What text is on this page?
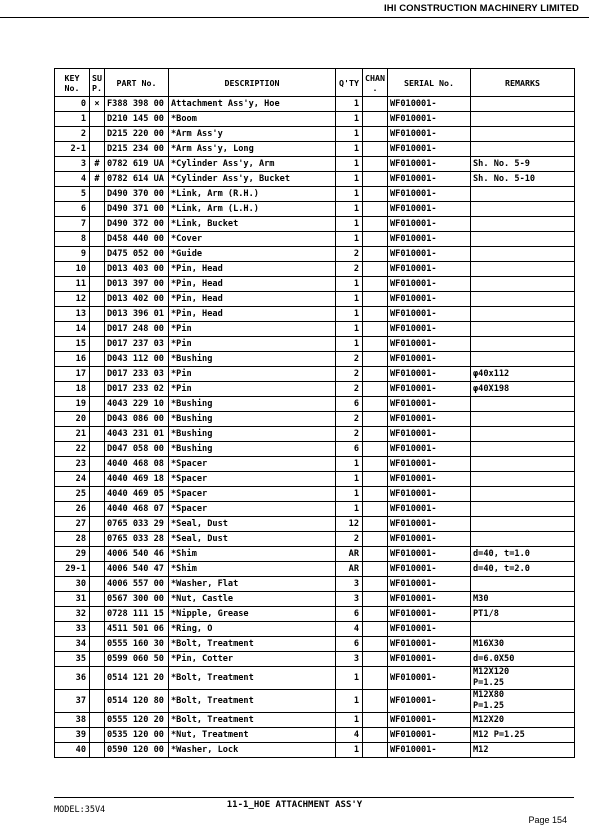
IHI CONSTRUCTION MACHINERY LIMITED
KEY No.	SU P.	PART No.	DESCRIPTION	Q'TY	CHAN .	SERIAL No.	REMARKS
0	×	F388 398 00	Attachment Ass'y, Hoe	1		WF010001-	
1		D210 145 00	*Boom	1		WF010001-	
2		D215 220 00	*Arm Ass'y	1		WF010001-	
2-1		D215 234 00	*Arm Ass'y, Long	1		WF010001-	
3	#	0782 619 UA	*Cylinder Ass'y, Arm	1		WF010001-	Sh. No. 5-9
4	#	0782 614 UA	*Cylinder Ass'y, Bucket	1		WF010001-	Sh. No. 5-10
5		D490 370 00	*Link, Arm (R.H.)	1		WF010001-	
6		D490 371 00	*Link, Arm (L.H.)	1		WF010001-	
7		D490 372 00	*Link, Bucket	1		WF010001-	
8		D458 440 00	*Cover	1		WF010001-	
9		D475 052 00	*Guide	2		WF010001-	
10		D013 403 00	*Pin, Head	2		WF010001-	
11		D013 397 00	*Pin, Head	1		WF010001-	
12		D013 402 00	*Pin, Head	1		WF010001-	
13		D013 396 01	*Pin, Head	1		WF010001-	
14		D017 248 00	*Pin	1		WF010001-	
15		D017 237 03	*Pin	1		WF010001-	
16		D043 112 00	*Bushing	2		WF010001-	
17		D017 233 03	*Pin	2		WF010001-	φ40x112
18		D017 233 02	*Pin	2		WF010001-	φ40X198
19		4043 229 10	*Bushing	6		WF010001-	
20		D043 086 00	*Bushing	2		WF010001-	
21		4043 231 01	*Bushing	2		WF010001-	
22		D047 058 00	*Bushing	6		WF010001-	
23		4040 468 08	*Spacer	1		WF010001-	
24		4040 469 18	*Spacer	1		WF010001-	
25		4040 469 05	*Spacer	1		WF010001-	
26		4040 468 07	*Spacer	1		WF010001-	
27		0765 033 29	*Seal, Dust	12		WF010001-	
28		0765 033 28	*Seal, Dust	2		WF010001-	
29		4006 540 46	*Shim	AR		WF010001-	d=40, t=1.0
29-1		4006 540 47	*Shim	AR		WF010001-	d=40, t=2.0
30		4006 557 00	*Washer, Flat	3		WF010001-	
31		0567 300 00	*Nut, Castle	3		WF010001-	M30
32		0728 111 15	*Nipple, Grease	6		WF010001-	PT1/8
33		4511 501 06	*Ring, O	4		WF010001-	
34		0555 160 30	*Bolt, Treatment	6		WF010001-	M16X30
35		0599 060 50	*Pin, Cotter	3		WF010001-	d=6.0X50
36		0514 121 20	*Bolt, Treatment	1		WF010001-	M12X120
P=1.25
37		0514 120 80	*Bolt, Treatment	1		WF010001-	M12X80
P=1.25
38		0555 120 20	*Bolt, Treatment	1		WF010001-	M12X20
39		0535 120 00	*Nut, Treatment	4		WF010001-	M12 P=1.25
40		0590 120 00	*Washer, Lock	1		WF010001-	M12
MODEL:35V4	11-1_HOE ATTACHMENT ASS'Y
Page 154
